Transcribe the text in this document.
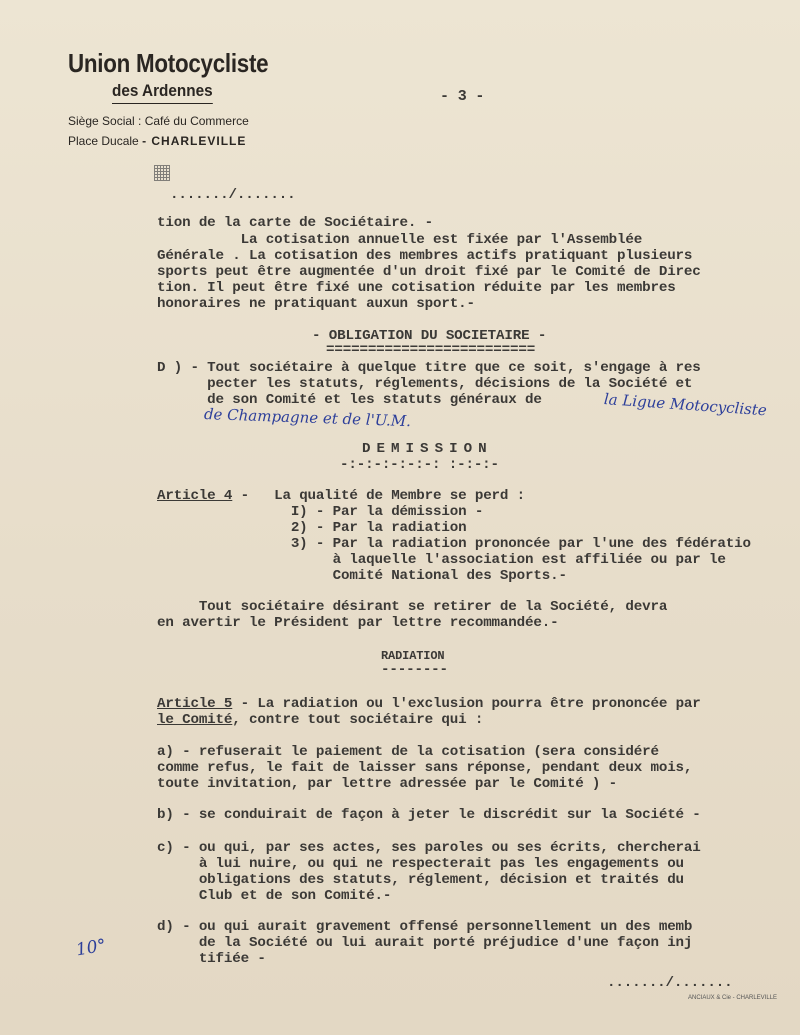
Union Motocycliste
des Ardennes
Siège Social : Café du Commerce
Place Ducale - CHARLEVILLE
- 3 -
......./.......
tion de la carte de Sociétaire. -
La cotisation annuelle est fixée par l'Assemblée
Générale . La cotisation des membres actifs pratiquant plusieurs
sports peut être augmentée d'un droit fixé par le Comité de Direc
tion. Il peut être fixé une cotisation réduite par les membres
honoraires ne pratiquant auxun sport.-
- OBLIGATION DU SOCIETAIRE -
=========================
D ) - Tout sociétaire à quelque titre que ce soit, s'engage à res
pecter les statuts, réglements, décisions de la Société et
de son Comité et les statuts généraux de	la Ligue Motocycliste
de Champagne et de l'U.M.
DEMISSION
-:-:-:-:-:-: :-:-:-
Article 4 -   La qualité de Membre se perd :
I) - Par la démission -
2) - Par la radiation
3) - Par la radiation prononcée par l'une des fédératio
à laquelle l'association est affiliée ou par le
Comité National des Sports.-
Tout sociétaire désirant se retirer de la Société, devra
en avertir le Président par lettre recommandée.-
RADIATION
--------
Article 5 - La radiation ou l'exclusion pourra être prononcée par
le Comité, contre tout sociétaire qui :
a) - refuserait le paiement de la cotisation (sera considéré
comme refus, le fait de laisser sans réponse, pendant deux mois,
toute invitation, par lettre adressée par le Comité ) -
b) - se conduirait de façon à jeter le discrédit sur la Société -
c) - ou qui, par ses actes, ses paroles ou ses écrits, chercherai
à lui nuire, ou qui ne respecterait pas les engagements ou
obligations des statuts, réglement, décision et traités du
Club et de son Comité.-
d) - ou qui aurait gravement offensé personnellement un des memb
de la Société ou lui aurait porté préjudice d'une façon inj
tifiée -
10°
......./.......
ANCIAUX & Cie - CHARLEVILLE
